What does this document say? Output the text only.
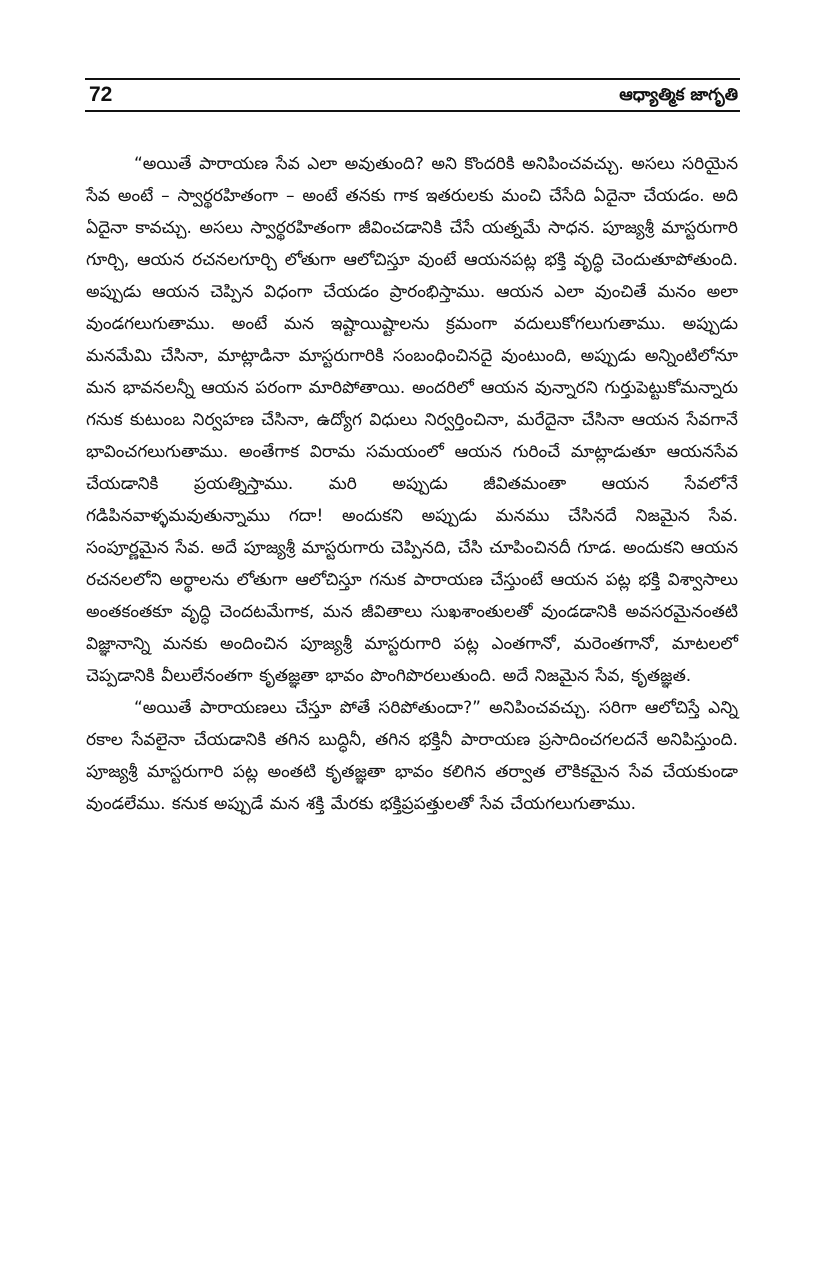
72	ఆధ్యాత్మిక జాగృతి

“అయితే పారాయణ సేవ ఎలా అవుతుంది? అని కొందరికి అనిపించవచ్చు. అసలు సరియైన సేవ అంటే – స్వార్థరహితంగా – అంటే తనకు గాక ఇతరులకు మంచి చేసేది ఏదైనా చేయడం. అది ఏదైనా కావచ్చు. అసలు స్వార్థరహితంగా జీవించడానికి చేసే యత్నమే సాధన. పూజ్యశ్రీ మాస్టరుగారి గూర్చి, ఆయన రచనలగూర్చి లోతుగా ఆలోచిస్తూ వుంటే ఆయనపట్ల భక్తి వృద్ధి చెందుతూపోతుంది. అప్పుడు ఆయన చెప్పిన విధంగా చేయడం ప్రారంభిస్తాము. ఆయన ఎలా వుంచితే మనం అలా వుండగలుగుతాము. అంటే మన ఇష్టాయిష్టాలను క్రమంగా వదులుకోగలుగుతాము. అప్పుడు మనమేమి చేసినా, మాట్లాడినా మాస్టరుగారికి సంబంధించినదై వుంటుంది, అప్పుడు అన్నింటిలోనూ మన భావనలన్నీ ఆయన పరంగా మారిపోతాయి. అందరిలో ఆయన వున్నారని గుర్తుపెట్టుకోమన్నారు గనుక కుటుంబ నిర్వహణ చేసినా, ఉద్యోగ విధులు నిర్వర్తించినా, మరేదైనా చేసినా ఆయన సేవగానే భావించగలుగుతాము. అంతేగాక విరామ సమయంలో ఆయన గురించే మాట్లాడుతూ ఆయనసేవ చేయడానికి ప్రయత్నిస్తాము. మరి అప్పుడు జీవితమంతా ఆయన సేవలోనే గడిపినవాళ్ళమవుతున్నాము గదా! అందుకని అప్పుడు మనము చేసినదే నిజమైన సేవ. సంపూర్ణమైన సేవ. అదే పూజ్యశ్రీ మాస్టరుగారు చెప్పినది, చేసి చూపించినదీ గూడ. అందుకని ఆయన రచనలలోని అర్థాలను లోతుగా ఆలోచిస్తూ గనుక పారాయణ చేస్తుంటే ఆయన పట్ల భక్తి విశ్వాసాలు అంతకంతకూ వృద్ధి చెందటమేగాక, మన జీవితాలు సుఖశాంతులతో వుండడానికి అవసరమైనంతటి విజ్ఞానాన్ని మనకు అందించిన పూజ్యశ్రీ మాస్టరుగారి పట్ల ఎంతగానో, మరెంతగానో, మాటలలో చెప్పడానికి వీలులేనంతగా కృతజ్ఞతా భావం పొంగిపొరలుతుంది. అదే నిజమైన సేవ, కృతజ్ఞత.

“అయితే పారాయణలు చేస్తూ పోతే సరిపోతుందా?” అనిపించవచ్చు. సరిగా ఆలోచిస్తే ఎన్ని రకాల సేవలైనా చేయడానికి తగిన బుద్ధినీ, తగిన భక్తినీ పారాయణ ప్రసాదించగలదనే అనిపిస్తుంది. పూజ్యశ్రీ మాస్టరుగారి పట్ల అంతటి కృతజ్ఞతా భావం కలిగిన తర్వాత లౌకికమైన సేవ చేయకుండా వుండలేము. కనుక అప్పుడే మన శక్తి మేరకు భక్తిప్రపత్తులతో సేవ చేయగలుగుతాము.
